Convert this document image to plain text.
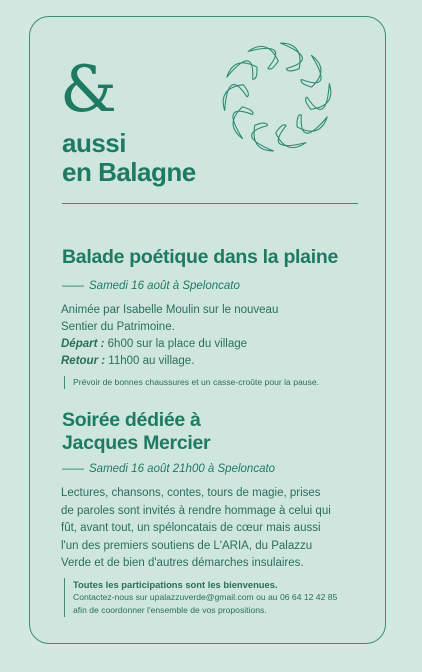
&
aussi
en Balagne
Balade poétique dans la plaine
—— Samedi 16 août à Speloncato
Animée par Isabelle Moulin sur le nouveau
Sentier du Patrimoine.
Départ : 6h00 sur la place du village
Retour : 11h00 au village.
Prévoir de bonnes chaussures et un casse-croûte pour la pause.
Soirée dédiée à
Jacques Mercier
—— Samedi 16 août 21h00 à Speloncato
Lectures, chansons, contes, tours de magie, prises
de paroles sont invités à rendre hommage à celui qui
fût, avant tout, un spéloncatais de cœur mais aussi
l'un des premiers soutiens de L'ARIA, du Palazzu
Verde et de bien d'autres démarches insulaires.
Toutes les participations sont les bienvenues.
Contactez-nous sur upalazzuverde@gmail.com ou au 06 64 12 42 85
afin de coordonner l'ensemble de vos propositions.
